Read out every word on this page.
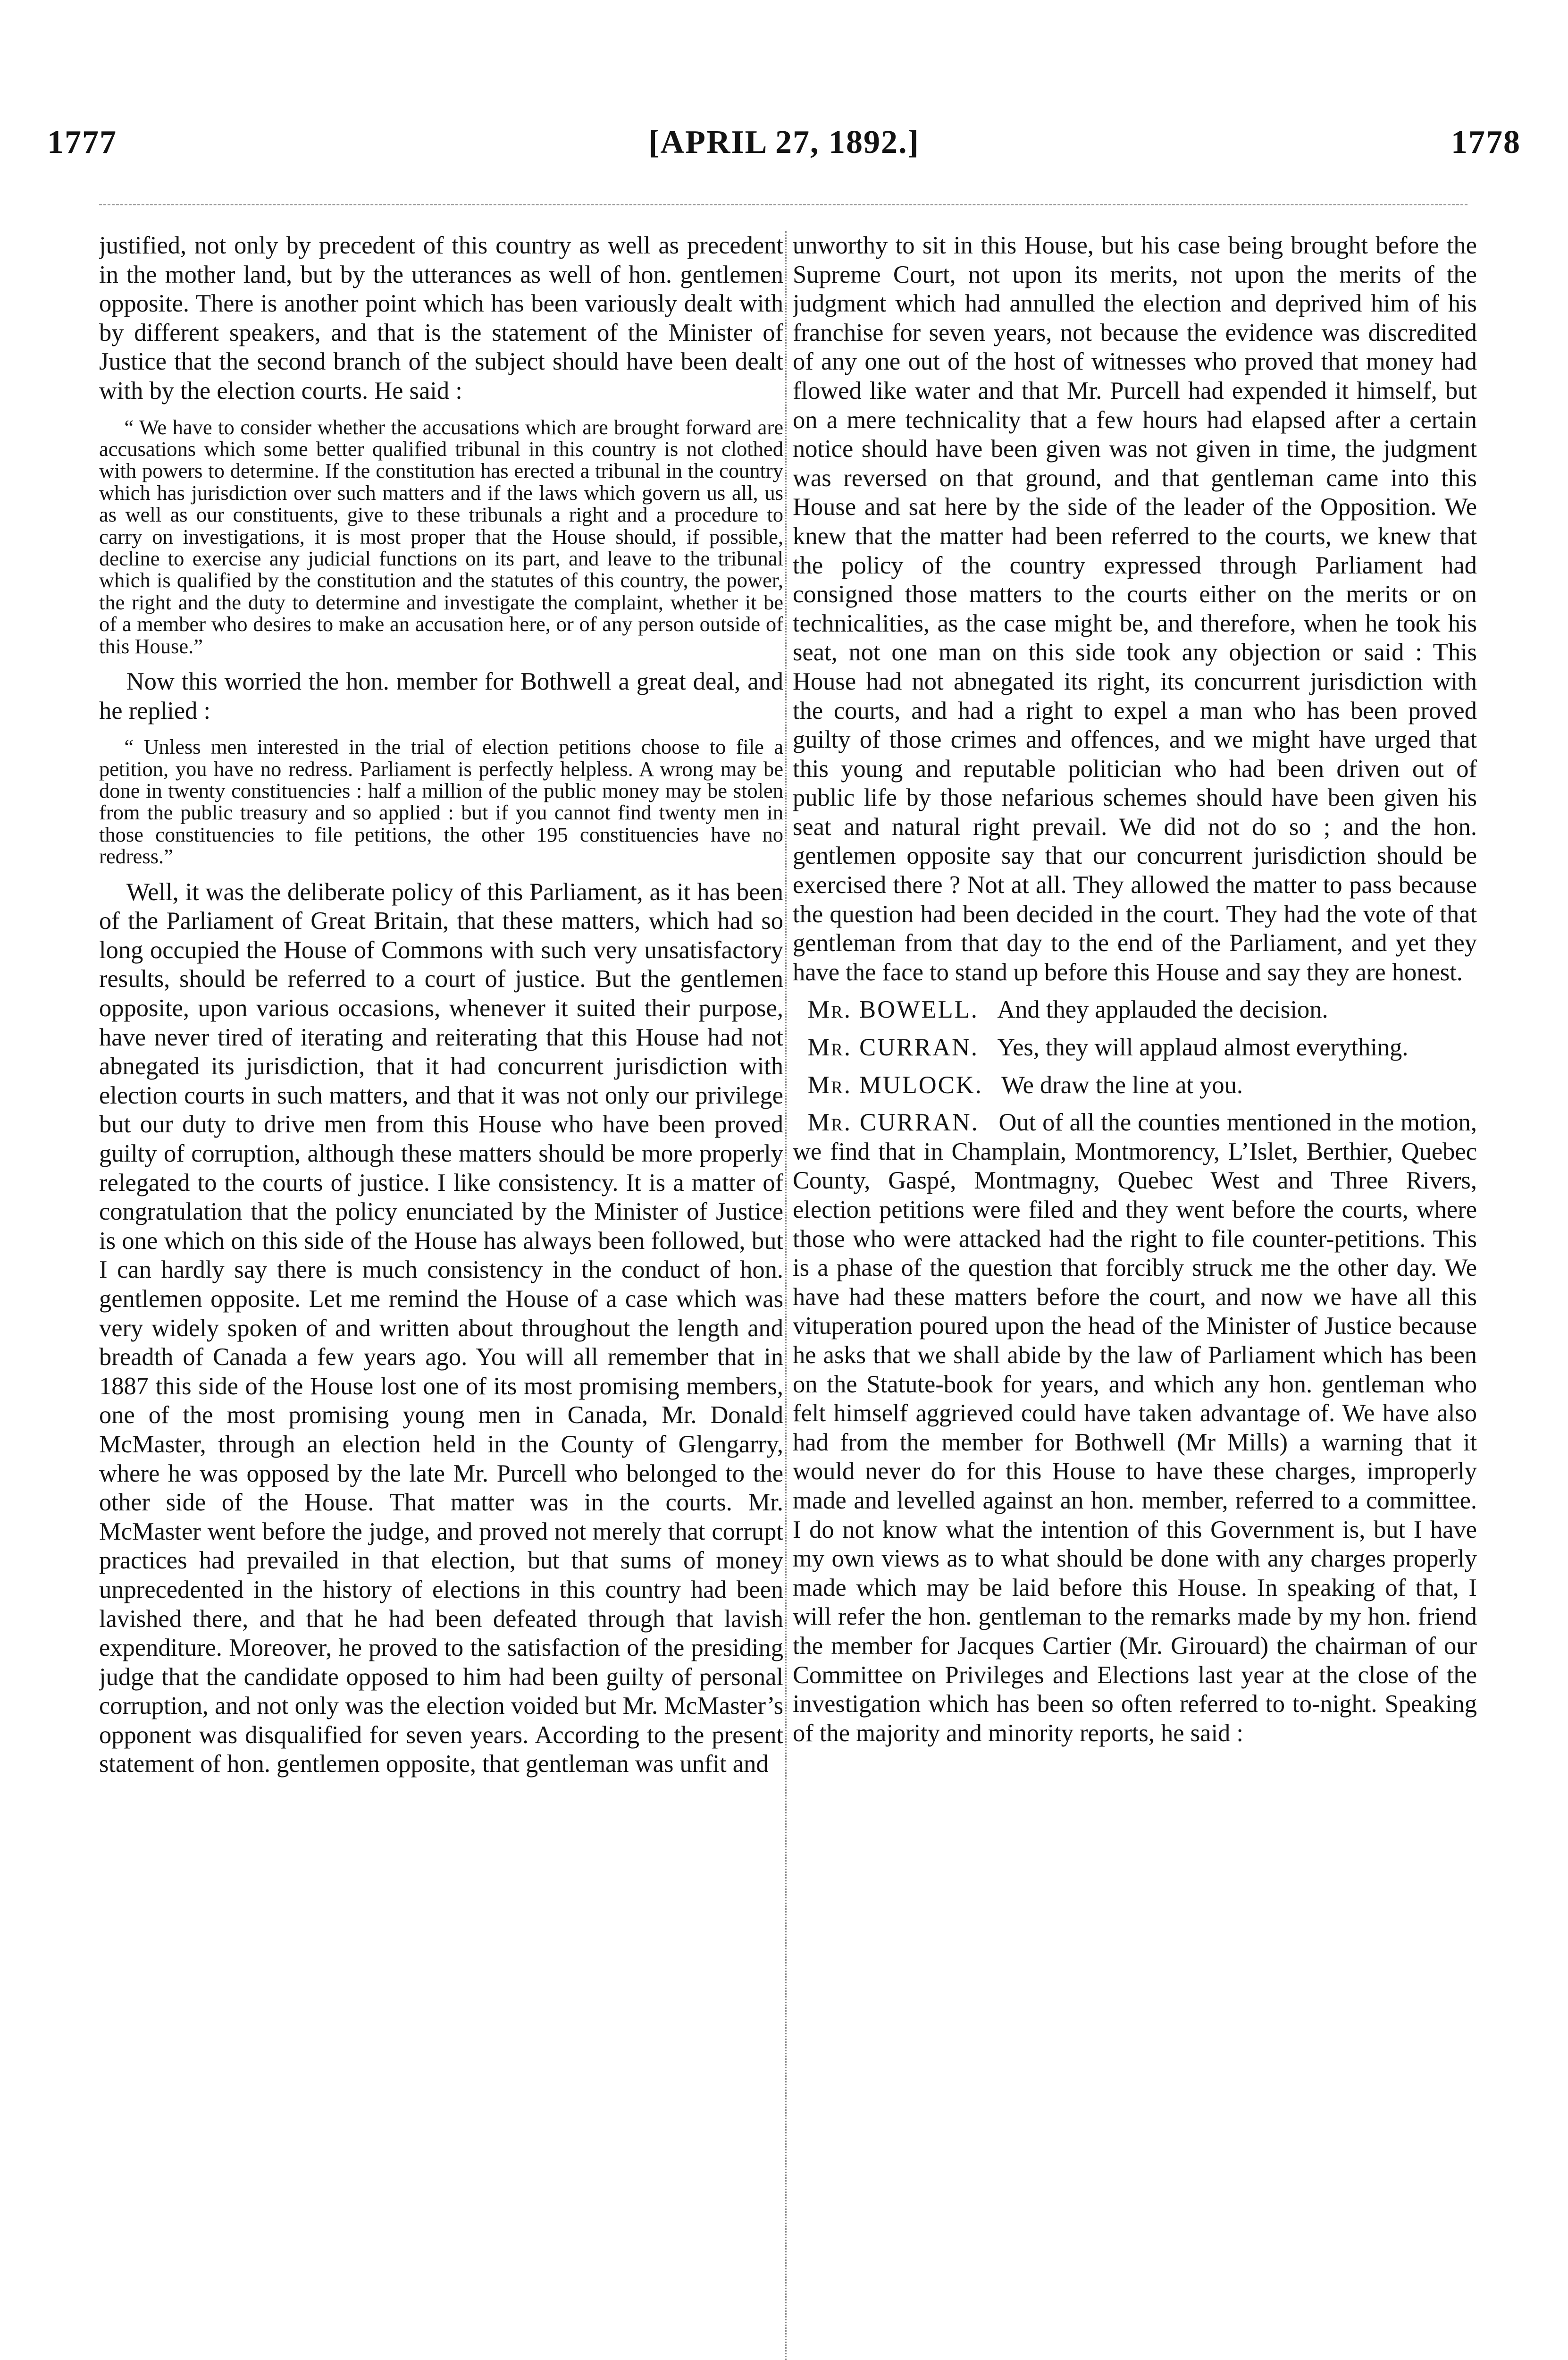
1777	[APRIL 27, 1892.]	1778

justified, not only by precedent of this country as well as precedent in the mother land, but by the utterances as well of hon. gentlemen opposite. There is another point which has been variously dealt with by different speakers, and that is the statement of the Minister of Justice that the second branch of the subject should have been dealt with by the election courts. He said :

“ We have to consider whether the accusations which are brought forward are accusations which some better qualified tribunal in this country is not clothed with powers to determine. If the constitution has erected a tribunal in the country which has jurisdiction over such matters and if the laws which govern us all, us as well as our constituents, give to these tribunals a right and a procedure to carry on investigations, it is most proper that the House should, if possible, decline to exercise any judicial functions on its part, and leave to the tribunal which is qualified by the constitution and the statutes of this country, the power, the right and the duty to determine and investigate the complaint, whether it be of a member who desires to make an accusation here, or of any person outside of this House.”

Now this worried the hon. member for Bothwell a great deal, and he replied :

“ Unless men interested in the trial of election petitions choose to file a petition, you have no redress. Parliament is perfectly helpless. A wrong may be done in twenty constituencies : half a million of the public money may be stolen from the public treasury and so applied : but if you cannot find twenty men in those constituencies to file petitions, the other 195 constituencies have no redress.”

Well, it was the deliberate policy of this Parliament, as it has been of the Parliament of Great Britain, that these matters, which had so long occupied the House of Commons with such very unsatisfactory results, should be referred to a court of justice. But the gentlemen opposite, upon various occasions, whenever it suited their purpose, have never tired of iterating and reiterating that this House had not abnegated its jurisdiction, that it had concurrent jurisdiction with election courts in such matters, and that it was not only our privilege but our duty to drive men from this House who have been proved guilty of corruption, although these matters should be more properly relegated to the courts of justice. I like consistency. It is a matter of congratulation that the policy enunciated by the Minister of Justice is one which on this side of the House has always been followed, but I can hardly say there is much consistency in the conduct of hon. gentlemen opposite. Let me remind the House of a case which was very widely spoken of and written about throughout the length and breadth of Canada a few years ago. You will all remember that in 1887 this side of the House lost one of its most promising members, one of the most promising young men in Canada, Mr. Donald McMaster, through an election held in the County of Glengarry, where he was opposed by the late Mr. Purcell who belonged to the other side of the House. That matter was in the courts. Mr. McMaster went before the judge, and proved not merely that corrupt practices had prevailed in that election, but that sums of money unprecedented in the history of elections in this country had been lavished there, and that he had been defeated through that lavish expenditure. Moreover, he proved to the satisfaction of the presiding judge that the candidate opposed to him had been guilty of personal corruption, and not only was the election voided but Mr. McMaster’s opponent was disqualified for seven years. According to the present statement of hon. gentlemen opposite, that gentleman was unfit and

unworthy to sit in this House, but his case being brought before the Supreme Court, not upon its merits, not upon the merits of the judgment which had annulled the election and deprived him of his franchise for seven years, not because the evidence was discredited of any one out of the host of witnesses who proved that money had flowed like water and that Mr. Purcell had expended it himself, but on a mere technicality that a few hours had elapsed after a certain notice should have been given was not given in time, the judgment was reversed on that ground, and that gentleman came into this House and sat here by the side of the leader of the Opposition. We knew that the matter had been referred to the courts, we knew that the policy of the country expressed through Parliament had consigned those matters to the courts either on the merits or on technicalities, as the case might be, and therefore, when he took his seat, not one man on this side took any objection or said : This House had not abnegated its right, its concurrent jurisdiction with the courts, and had a right to expel a man who has been proved guilty of those crimes and offences, and we might have urged that this young and reputable politician who had been driven out of public life by those nefarious schemes should have been given his seat and natural right prevail. We did not do so ; and the hon. gentlemen opposite say that our concurrent jurisdiction should be exercised there ? Not at all. They allowed the matter to pass because the question had been decided in the court. They had the vote of that gentleman from that day to the end of the Parliament, and yet they have the face to stand up before this House and say they are honest.

Mr. BOWELL. And they applauded the decision.

Mr. CURRAN. Yes, they will applaud almost everything.

Mr. MULOCK. We draw the line at you.

Mr. CURRAN. Out of all the counties mentioned in the motion, we find that in Champlain, Montmorency, L’Islet, Berthier, Quebec County, Gaspé, Montmagny, Quebec West and Three Rivers, election petitions were filed and they went before the courts, where those who were attacked had the right to file counter-petitions. This is a phase of the question that forcibly struck me the other day. We have had these matters before the court, and now we have all this vituperation poured upon the head of the Minister of Justice because he asks that we shall abide by the law of Parliament which has been on the Statute-book for years, and which any hon. gentleman who felt himself aggrieved could have taken advantage of. We have also had from the member for Bothwell (Mr Mills) a warning that it would never do for this House to have these charges, improperly made and levelled against an hon. member, referred to a committee. I do not know what the intention of this Government is, but I have my own views as to what should be done with any charges properly made which may be laid before this House. In speaking of that, I will refer the hon. gentleman to the remarks made by my hon. friend the member for Jacques Cartier (Mr. Girouard) the chairman of our Committee on Privileges and Elections last year at the close of the investigation which has been so often referred to to-night. Speaking of the majority and minority reports, he said :
